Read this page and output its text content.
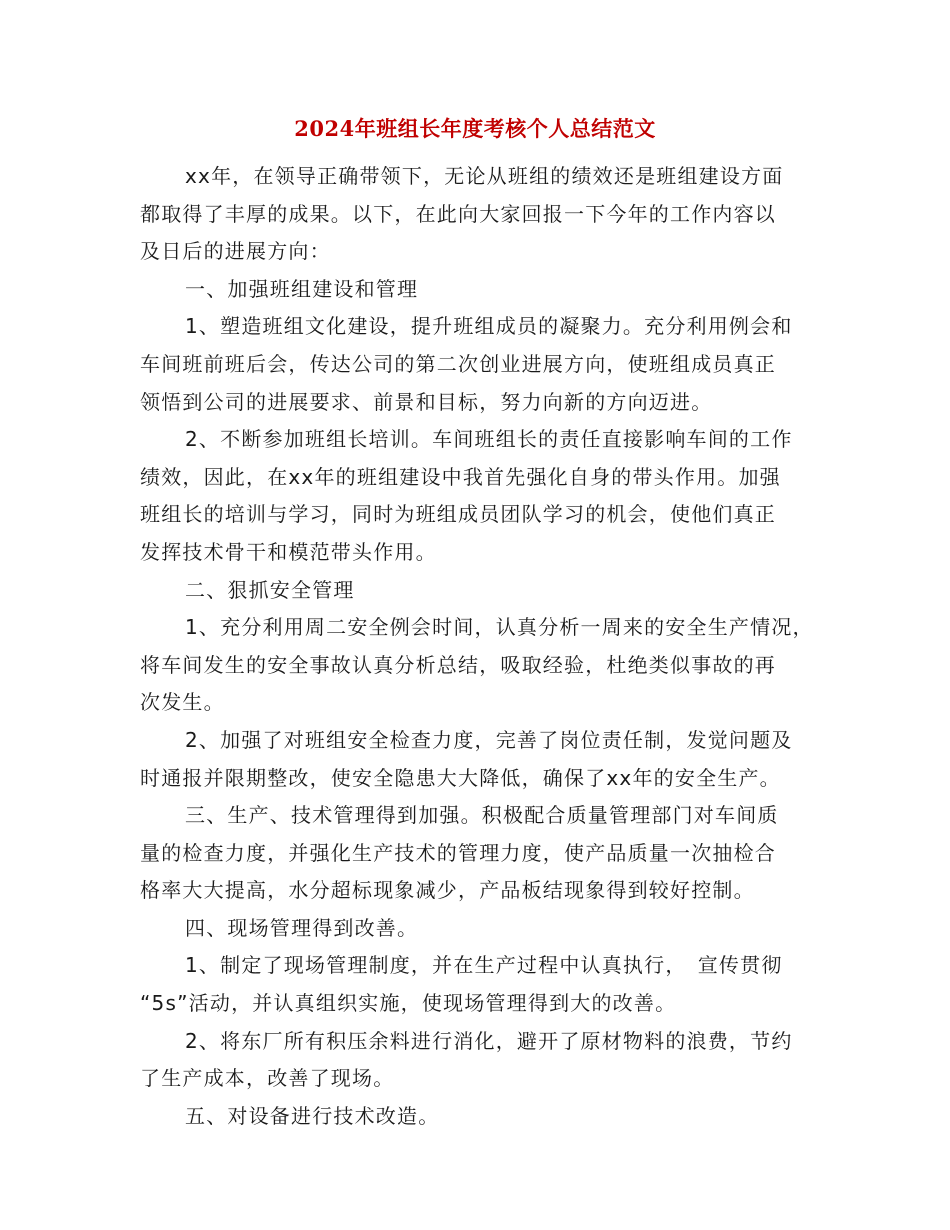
2024年班组长年度考核个人总结范文
xx年，在领导正确带领下，无论从班组的绩效还是班组建设方面
都取得了丰厚的成果。以下，在此向大家回报一下今年的工作内容以
及日后的进展方向：
一、加强班组建设和管理
1、塑造班组文化建设，提升班组成员的凝聚力。充分利用例会和
车间班前班后会，传达公司的第二次创业进展方向，使班组成员真正
领悟到公司的进展要求、前景和目标，努力向新的方向迈进。
2、不断参加班组长培训。车间班组长的责任直接影响车间的工作
绩效，因此，在xx年的班组建设中我首先强化自身的带头作用。加强
班组长的培训与学习，同时为班组成员团队学习的机会，使他们真正
发挥技术骨干和模范带头作用。
二、狠抓安全管理
1、充分利用周二安全例会时间，认真分析一周来的安全生产情况，
将车间发生的安全事故认真分析总结，吸取经验，杜绝类似事故的再
次发生。
2、加强了对班组安全检查力度，完善了岗位责任制，发觉问题及
时通报并限期整改，使安全隐患大大降低，确保了xx年的安全生产。
三、生产、技术管理得到加强。积极配合质量管理部门对车间质
量的检查力度，并强化生产技术的管理力度，使产品质量一次抽检合
格率大大提高，水分超标现象减少，产品板结现象得到较好控制。
四、现场管理得到改善。
1、制定了现场管理制度，并在生产过程中认真执行，　宣传贯彻
“5s”活动，并认真组织实施，使现场管理得到大的改善。
2、将东厂所有积压余料进行消化，避开了原材物料的浪费，节约
了生产成本，改善了现场。
五、对设备进行技术改造。
